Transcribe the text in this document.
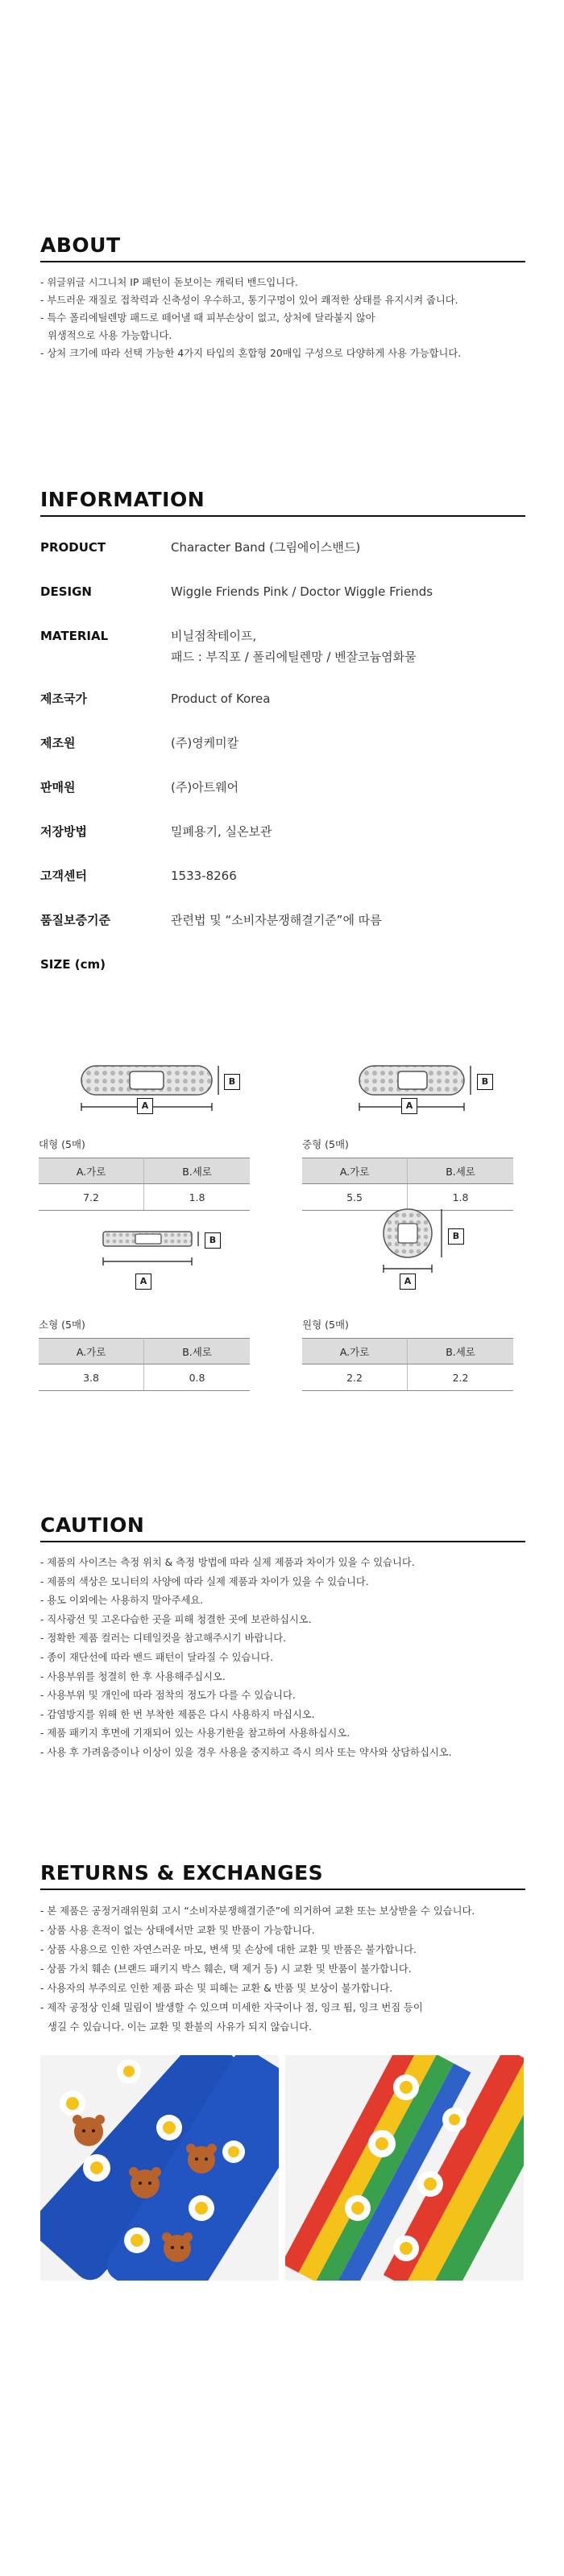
ABOUT
- 위글위글 시그니처 IP 패턴이 돋보이는 캐릭터 밴드입니다.
- 부드러운 재질로 접착력과 신축성이 우수하고, 통기구멍이 있어 쾌적한 상태를 유지시켜 줍니다.
- 특수 폴리에틸렌망 패드로 떼어낼 때 피부손상이 없고, 상처에 달라붙지 않아
위생적으로 사용 가능합니다.
- 상처 크기에 따라 선택 가능한 4가지 타입의 혼합형 20매입 구성으로 다양하게 사용 가능합니다.
INFORMATION
PRODUCT	Character Band (그림에이스밴드)
DESIGN	Wiggle Friends Pink / Doctor Wiggle Friends
MATERIAL	비닐점착테이프,
패드 : 부직포 / 폴리에틸렌망 / 벤잘코늄염화물
제조국가	Product of Korea
제조원	(주)영케미칼
판매원	(주)아트웨어
저장방법	밀폐용기, 실온보관
고객센터	1533-8266
품질보증기준	관련법 및 “소비자분쟁해결기준”에 따름
SIZE (cm)
B
A
B
A
대형 (5매)
A.가로	B.세로
7.2	1.8
중형 (5매)
A.가로	B.세로
5.5	1.8
B
A
B
A
소형 (5매)
A.가로	B.세로
3.8	0.8
원형 (5매)
A.가로	B.세로
2.2	2.2
CAUTION
- 제품의 사이즈는 측정 위치 & 측정 방법에 따라 실제 제품과 차이가 있을 수 있습니다.
- 제품의 색상은 모니터의 사양에 따라 실제 제품과 차이가 있을 수 있습니다.
- 용도 이외에는 사용하지 말아주세요.
- 직사광선 및 고온다습한 곳을 피해 청결한 곳에 보관하십시오.
- 정확한 제품 컬러는 디테일컷을 참고해주시기 바랍니다.
- 종이 재단선에 따라 밴드 패턴이 달라질 수 있습니다.
- 사용부위를 청결히 한 후 사용해주십시오.
- 사용부위 및 개인에 따라 점착의 정도가 다를 수 있습니다.
- 감염방지를 위해 한 번 부착한 제품은 다시 사용하지 마십시오.
- 제품 패키지 후면에 기재되어 있는 사용기한을 참고하여 사용하십시오.
- 사용 후 가려움증이나 이상이 있을 경우 사용을 중지하고 즉시 의사 또는 약사와 상담하십시오.
RETURNS & EXCHANGES
- 본 제품은 공정거래위원회 고시 “소비자분쟁해결기준”에 의거하여 교환 또는 보상받을 수 있습니다.
- 상품 사용 흔적이 없는 상태에서만 교환 및 반품이 가능합니다.
- 상품 사용으로 인한 자연스러운 마모, 변색 및 손상에 대한 교환 및 반품은 불가합니다.
- 상품 가치 훼손 (브랜드 패키지 박스 훼손, 택 제거 등) 시 교환 및 반품이 불가합니다.
- 사용자의 부주의로 인한 제품 파손 및 피해는 교환 & 반품 및 보상이 불가합니다.
- 제작 공정상 인쇄 밀림이 발생할 수 있으며 미세한 자국이나 점, 잉크 튐, 잉크 번짐 등이
생길 수 있습니다. 이는 교환 및 환불의 사유가 되지 않습니다.
